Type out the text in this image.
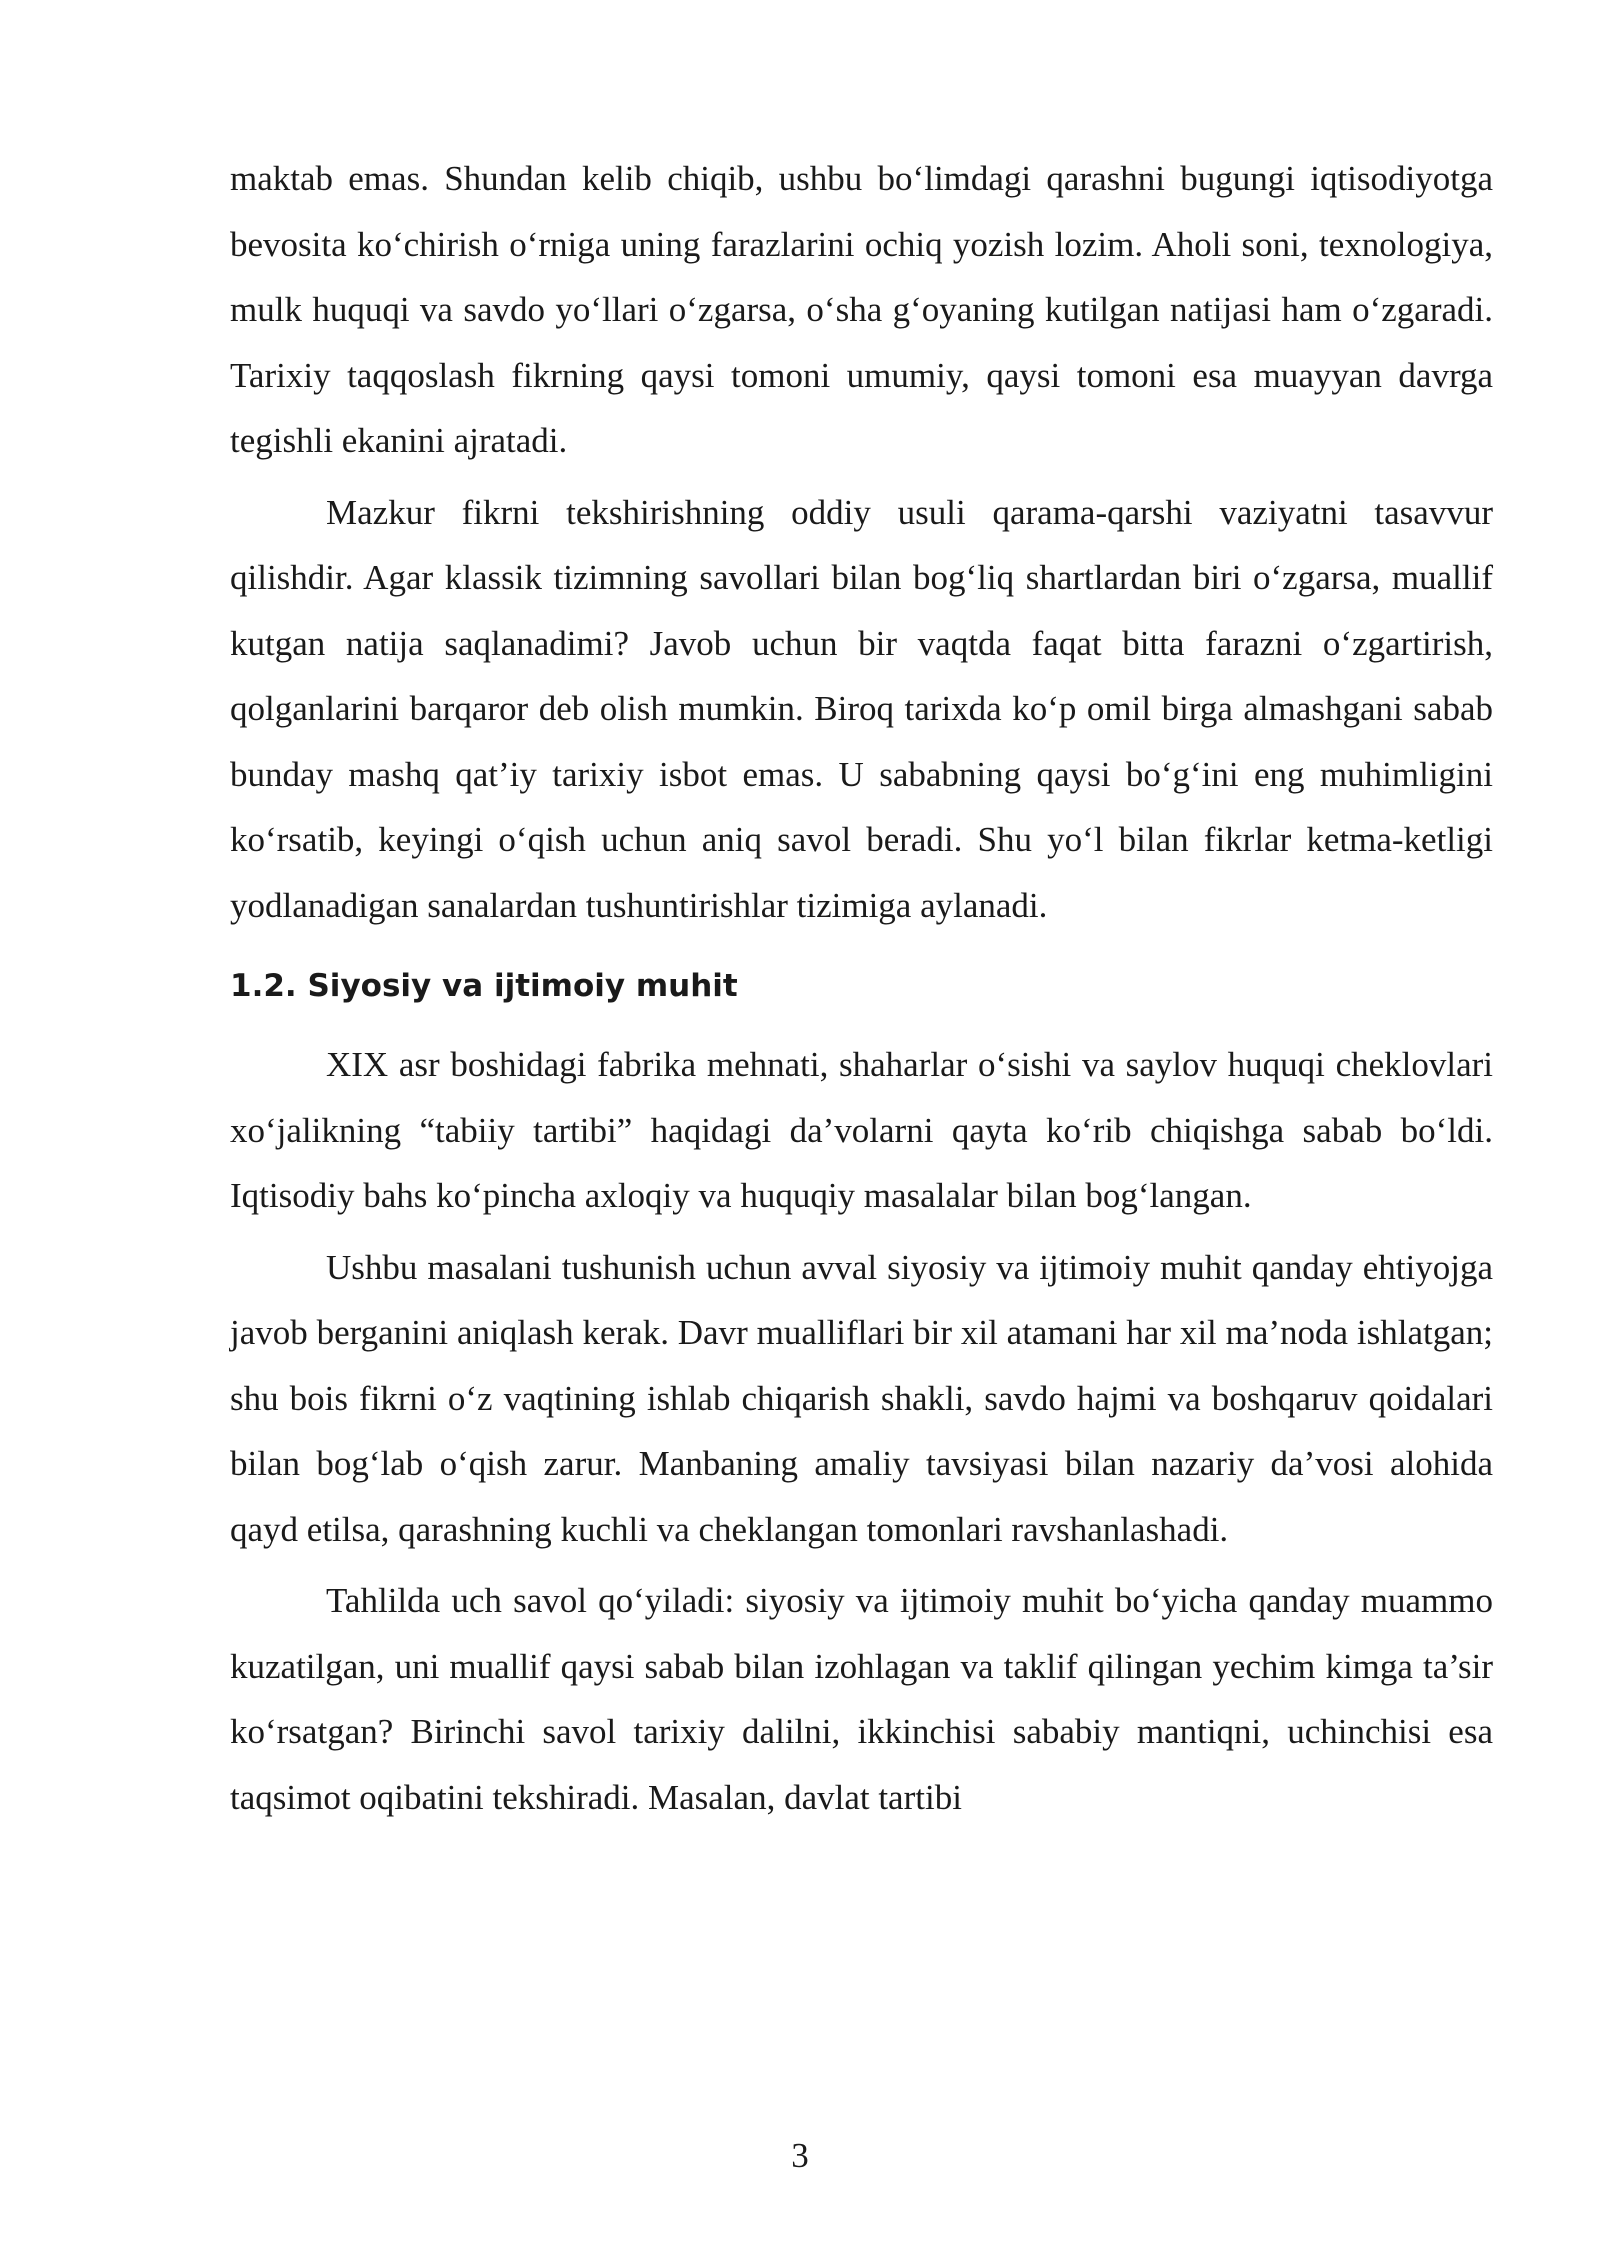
maktab emas. Shundan kelib chiqib, ushbu bo‘limdagi qarashni bugungi iqtisodiyotga bevosita ko‘chirish o‘rniga uning farazlarini ochiq yozish lozim. Aholi soni, texnologiya, mulk huquqi va savdo yo‘llari o‘zgarsa, o‘sha g‘oyaning kutilgan natijasi ham o‘zgaradi. Tarixiy taqqoslash fikrning qaysi tomoni umumiy, qaysi tomoni esa muayyan davrga tegishli ekanini ajratadi.

Mazkur fikrni tekshirishning oddiy usuli qarama-qarshi vaziyatni tasavvur qilishdir. Agar klassik tizimning savollari bilan bog‘liq shartlardan biri o‘zgarsa, muallif kutgan natija saqlanadimi? Javob uchun bir vaqtda faqat bitta farazni o‘zgartirish, qolganlarini barqaror deb olish mumkin. Biroq tarixda ko‘p omil birga almashgani sabab bunday mashq qat’iy tarixiy isbot emas. U sababning qaysi bo‘g‘ini eng muhimligini ko‘rsatib, keyingi o‘qish uchun aniq savol beradi. Shu yo‘l bilan fikrlar ketma-ketligi yodlanadigan sanalardan tushuntirishlar tizimiga aylanadi.

1.2. Siyosiy va ijtimoiy muhit

XIX asr boshidagi fabrika mehnati, shaharlar o‘sishi va saylov huquqi cheklovlari xo‘jalikning “tabiiy tartibi” haqidagi da’volarni qayta ko‘rib chiqishga sabab bo‘ldi. Iqtisodiy bahs ko‘pincha axloqiy va huquqiy masalalar bilan bog‘langan.

Ushbu masalani tushunish uchun avval siyosiy va ijtimoiy muhit qanday ehtiyojga javob berganini aniqlash kerak. Davr mualliflari bir xil atamani har xil ma’noda ishlatgan; shu bois fikrni o‘z vaqtining ishlab chiqarish shakli, savdo hajmi va boshqaruv qoidalari bilan bog‘lab o‘qish zarur. Manbaning amaliy tavsiyasi bilan nazariy da’vosi alohida qayd etilsa, qarashning kuchli va cheklangan tomonlari ravshanlashadi.

Tahlilda uch savol qo‘yiladi: siyosiy va ijtimoiy muhit bo‘yicha qanday muammo kuzatilgan, uni muallif qaysi sabab bilan izohlagan va taklif qilingan yechim kimga ta’sir ko‘rsatgan? Birinchi savol tarixiy dalilni, ikkinchisi sababiy mantiqni, uchinchisi esa taqsimot oqibatini tekshiradi. Masalan, davlat tartibi

3
